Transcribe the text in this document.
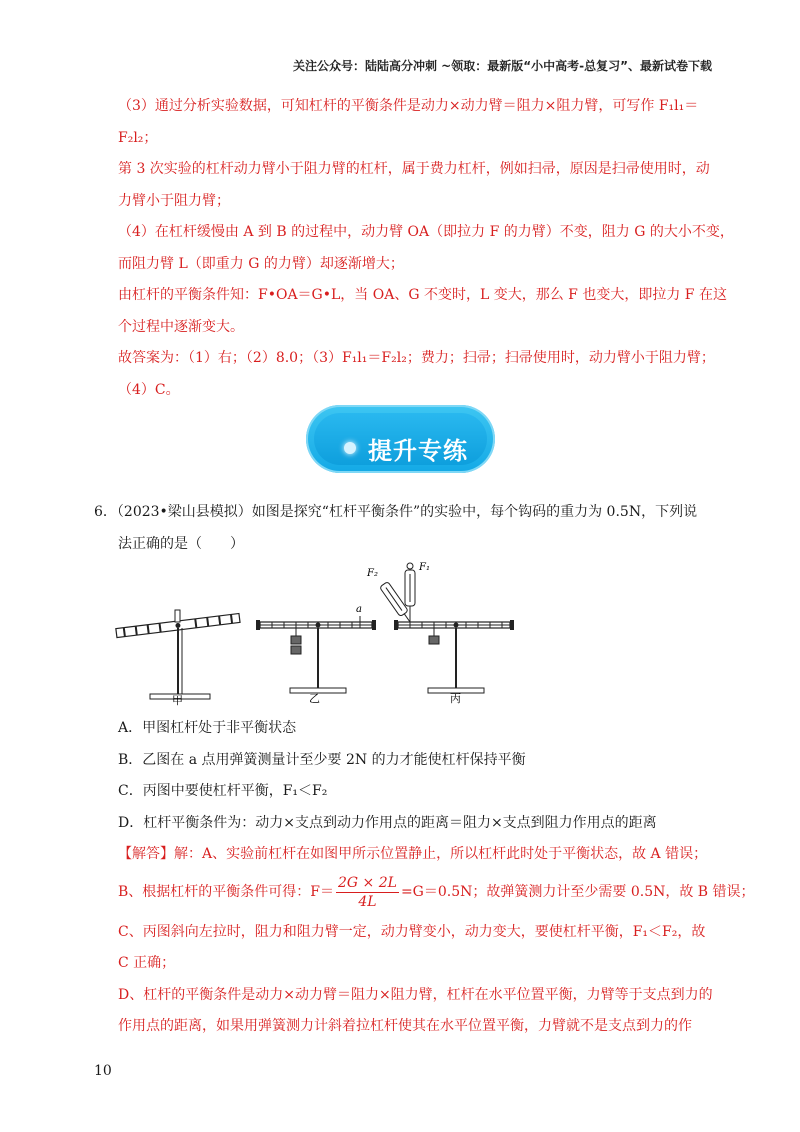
关注公众号：陆陆高分冲刺 ~领取：最新版“小中高考-总复习”、最新试卷下载
（3）通过分析实验数据，可知杠杆的平衡条件是动力×动力臂＝阻力×阻力臂，可写作 F₁l₁＝
F₂l₂；
第 3 次实验的杠杆动力臂小于阻力臂的杠杆，属于费力杠杆，例如扫帚，原因是扫帚使用时，动
力臂小于阻力臂；
（4）在杠杆缓慢由 A 到 B 的过程中，动力臂 OA（即拉力 F 的力臂）不变，阻力 G 的大小不变，
而阻力臂 L（即重力 G 的力臂）却逐渐增大；
由杠杆的平衡条件知：F•OA＝G•L，当 OA、G 不变时，L 变大，那么 F 也变大，即拉力 F 在这
个过程中逐渐变大。
故答案为：（1）右；（2）8.0；（3）F₁l₁＝F₂l₂；费力；扫帚；扫帚使用时，动力臂小于阻力臂；
（4）C。
提升专练
6．（2023•梁山县模拟）如图是探究“杠杆平衡条件”的实验中，每个钩码的重力为 0.5N，下列说
法正确的是（　　）
甲
a
乙
F₁
F₂
丙
A．甲图杠杆处于非平衡状态
B．乙图在 a 点用弹簧测量计至少要 2N 的力才能使杠杆保持平衡
C．丙图中要使杠杆平衡，F₁＜F₂
D．杠杆平衡条件为：动力×支点到动力作用点的距离＝阻力×支点到阻力作用点的距离
【解答】解：A、实验前杠杆在如图甲所示位置静止，所以杠杆此时处于平衡状态，故 A 错误；
B、根据杠杆的平衡条件可得：$F= \frac{2G \times 2L}{4L} =G=0.5N$；故弹簧测力计至少需要 0.5N，故 B 错误；
C、丙图斜向左拉时，阻力和阻力臂一定，动力臂变小，动力变大，要使杠杆平衡，F₁＜F₂，故
C 正确；
D、杠杆的平衡条件是动力×动力臂＝阻力×阻力臂，杠杆在水平位置平衡，力臂等于支点到力的
作用点的距离，如果用弹簧测力计斜着拉杠杆使其在水平位置平衡，力臂就不是支点到力的作
10
